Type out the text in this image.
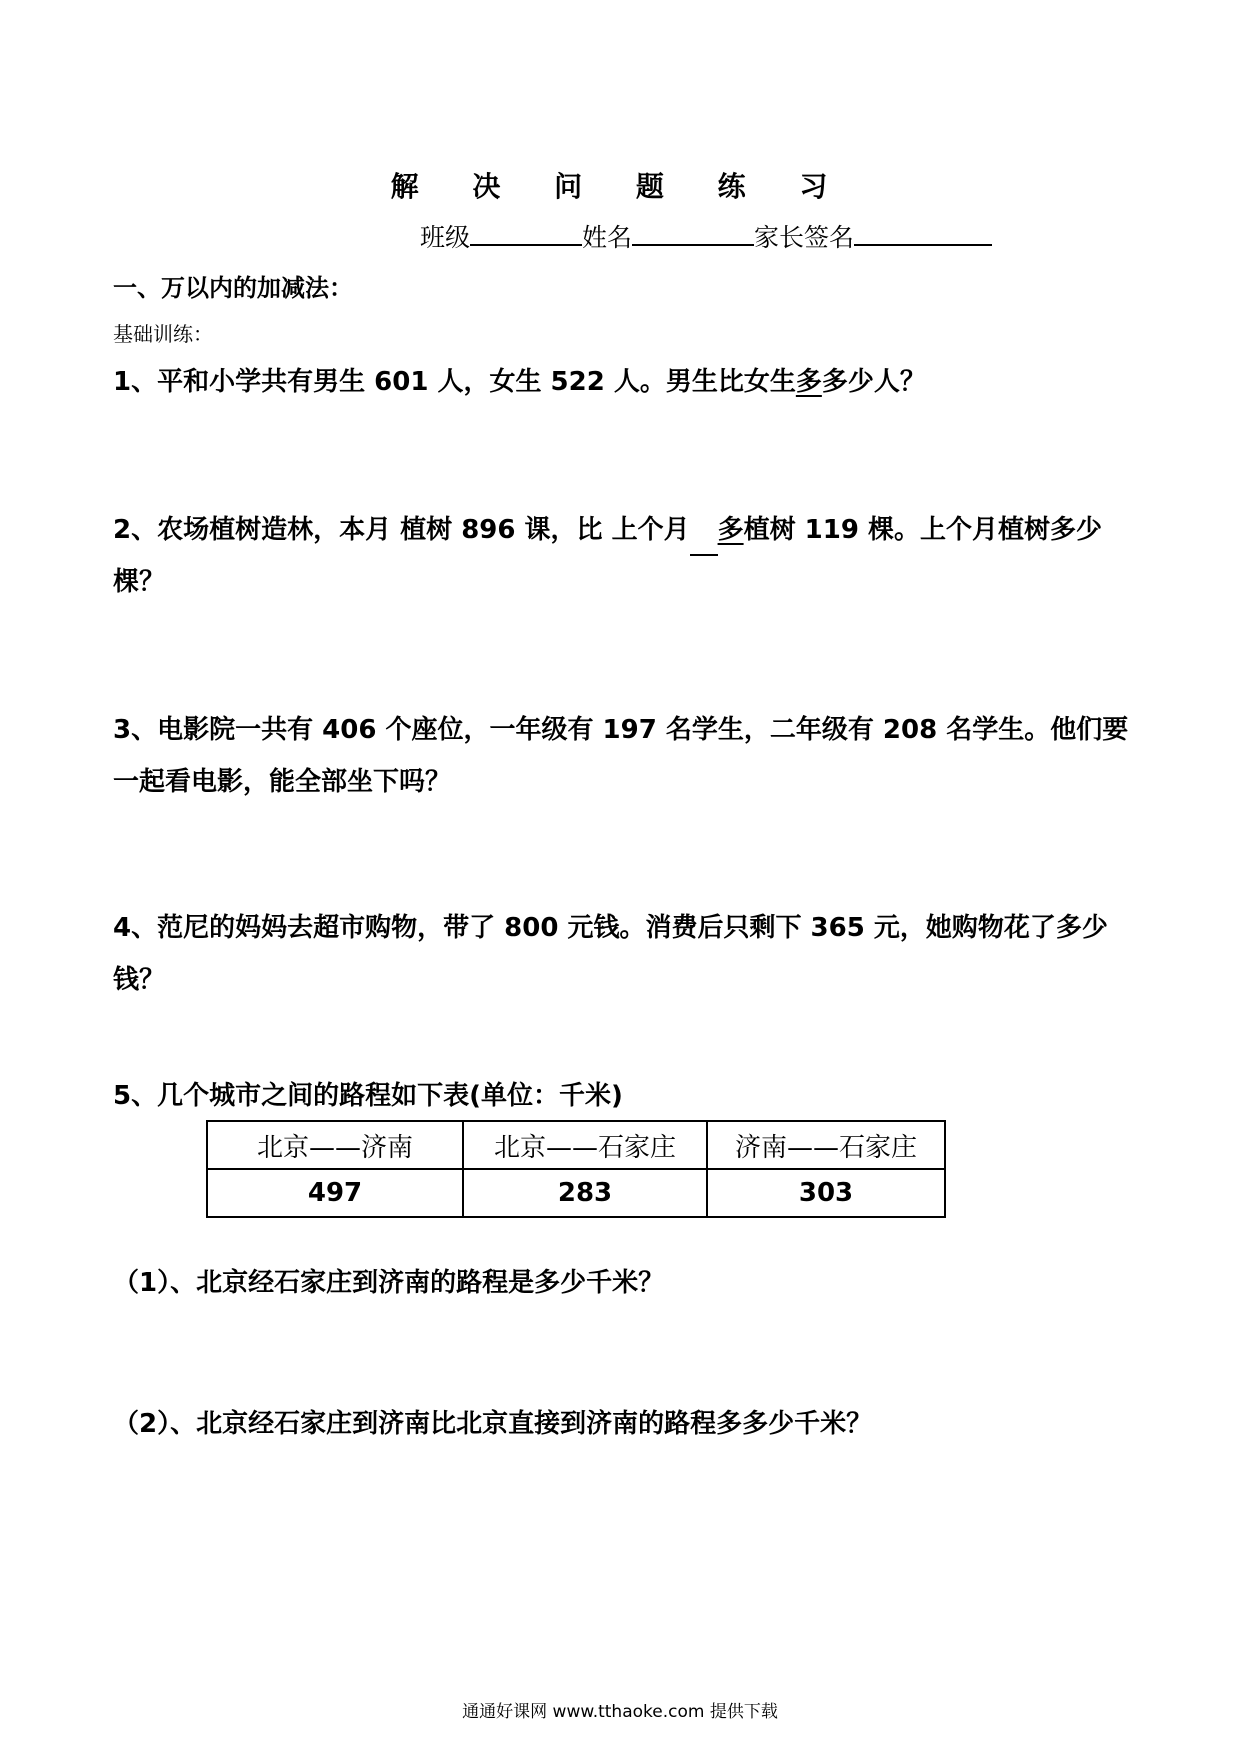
解 决 问 题 练 习
班级	姓名	家长签名
一、万以内的加减法：
基础训练：
1、平和小学共有男生 601 人，女生 522 人。男生比女生多多少人？
2、农场植树造林，本月 植树 896 课，比 上个月 多植树 119 棵。上个月植树多少棵？
3、电影院一共有 406 个座位，一年级有 197 名学生，二年级有 208 名学生。他们要一起看电影，能全部坐下吗？
4、范尼的妈妈去超市购物，带了 800 元钱。消费后只剩下 365 元，她购物花了多少钱？
5、几个城市之间的路程如下表(单位：千米)
北京——济南	北京——石家庄	济南——石家庄
497	283	303
（1）、北京经石家庄到济南的路程是多少千米？
（2）、北京经石家庄到济南比北京直接到济南的路程多多少千米？
通通好课网 www.tthaoke.com 提供下载
